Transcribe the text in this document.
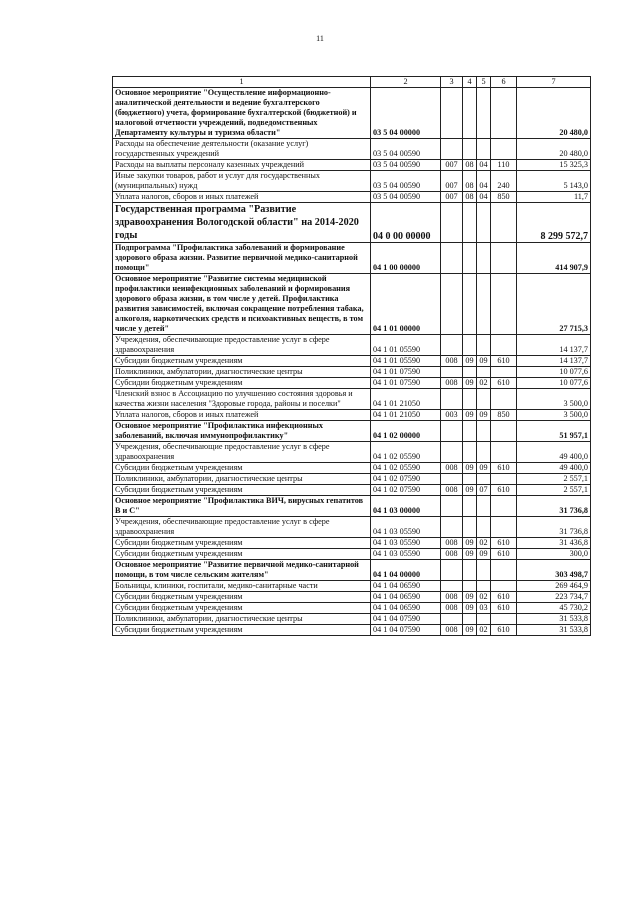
11
1	2	3	4	5	6	7
Основное мероприятие "Осуществление информационно-аналитической деятельности и ведение бухгалтерского (бюджетного) учета, формирование бухгалтерской (бюджетной) и налоговой отчетности учреждений, подведомственных Департаменту культуры и туризма области"	03 5 04 00000					20 480,0
Расходы на обеспечение деятельности (оказание услуг) государственных учреждений	03 5 04 00590					20 480,0
Расходы на выплаты персоналу казенных учреждений	03 5 04 00590	007	08	04	110	15 325,3
Иные закупки товаров, работ и услуг для государственных (муниципальных) нужд	03 5 04 00590	007	08	04	240	5 143,0
Уплата налогов, сборов и иных платежей	03 5 04 00590	007	08	04	850	11,7
Государственная программа "Развитие здравоохранения Вологодской области" на 2014-2020 годы	04 0 00 00000					8 299 572,7
Подпрограмма "Профилактика заболеваний и формирование здорового образа жизни. Развитие первичной медико-санитарной помощи"	04 1 00 00000					414 907,9
Основное мероприятие "Развитие системы медицинской профилактики неинфекционных заболеваний и формирования здорового образа жизни, в том числе у детей. Профилактика развития зависимостей, включая сокращение потребления табака, алкоголя, наркотических средств и психоактивных веществ, в том числе у детей"	04 1 01 00000					27 715,3
Учреждения, обеспечивающие предоставление услуг в сфере здравоохранения	04 1 01 05590					14 137,7
Субсидии бюджетным учреждениям	04 1 01 05590	008	09	09	610	14 137,7
Поликлиники, амбулатории, диагностические центры	04 1 01 07590					10 077,6
Субсидии бюджетным учреждениям	04 1 01 07590	008	09	02	610	10 077,6
Членский взнос в Ассоциацию по улучшению состояния здоровья и качества жизни населения "Здоровые города, районы и поселки"	04 1 01 21050					3 500,0
Уплата налогов, сборов и иных платежей	04 1 01 21050	003	09	09	850	3 500,0
Основное мероприятие "Профилактика инфекционных заболеваний, включая иммунопрофилактику"	04 1 02 00000					51 957,1
Учреждения, обеспечивающие предоставление услуг в сфере здравоохранения	04 1 02 05590					49 400,0
Субсидии бюджетным учреждениям	04 1 02 05590	008	09	09	610	49 400,0
Поликлиники, амбулатории, диагностические центры	04 1 02 07590					2 557,1
Субсидии бюджетным учреждениям	04 1 02 07590	008	09	07	610	2 557,1
Основное мероприятие "Профилактика ВИЧ, вирусных гепатитов В и С"	04 1 03 00000					31 736,8
Учреждения, обеспечивающие предоставление услуг в сфере здравоохранения	04 1 03 05590					31 736,8
Субсидии бюджетным учреждениям	04 1 03 05590	008	09	02	610	31 436,8
Субсидии бюджетным учреждениям	04 1 03 05590	008	09	09	610	300,0
Основное мероприятие "Развитие первичной медико-санитарной помощи, в том числе сельским жителям"	04 1 04 00000					303 498,7
Больницы, клиники, госпитали, медико-санитарные части	04 1 04 06590					269 464,9
Субсидии бюджетным учреждениям	04 1 04 06590	008	09	02	610	223 734,7
Субсидии бюджетным учреждениям	04 1 04 06590	008	09	03	610	45 730,2
Поликлиники, амбулатории, диагностические центры	04 1 04 07590					31 533,8
Субсидии бюджетным учреждениям	04 1 04 07590	008	09	02	610	31 533,8
